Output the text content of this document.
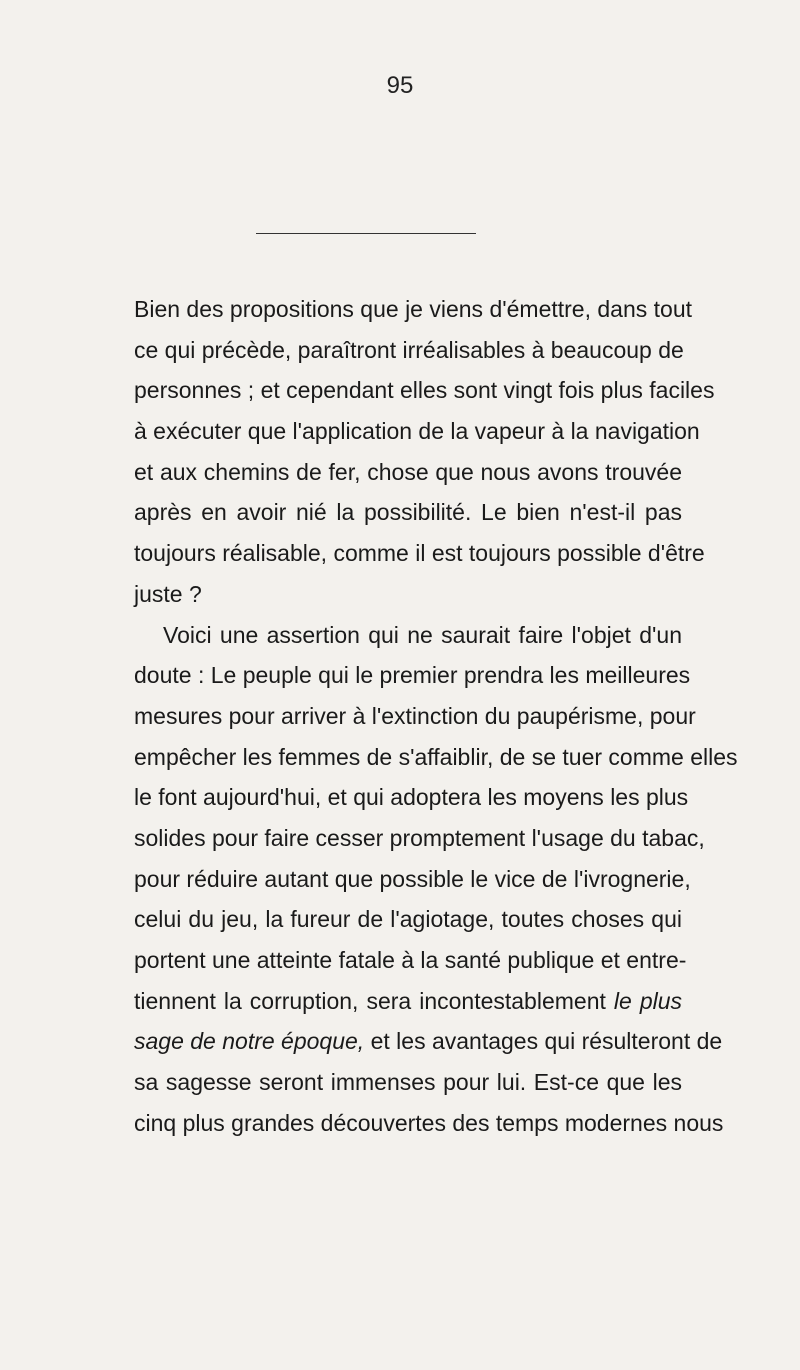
95
Bien des propositions que je viens d'émettre, dans tout
ce qui précède, paraîtront irréalisables à beaucoup de
personnes ; et cependant elles sont vingt fois plus faciles
à exécuter que l'application de la vapeur à la navigation
et aux chemins de fer, chose que nous avons trouvée
après en avoir nié la possibilité. Le bien n'est-il pas
toujours réalisable, comme il est toujours possible d'être
juste ?
Voici une assertion qui ne saurait faire l'objet d'un
doute : Le peuple qui le premier prendra les meilleures
mesures pour arriver à l'extinction du paupérisme, pour
empêcher les femmes de s'affaiblir, de se tuer comme elles
le font aujourd'hui, et qui adoptera les moyens les plus
solides pour faire cesser promptement l'usage du tabac,
pour réduire autant que possible le vice de l'ivrognerie,
celui du jeu, la fureur de l'agiotage, toutes choses qui
portent une atteinte fatale à la santé publique et entre-
tiennent la corruption, sera incontestablement le plus
sage de notre époque, et les avantages qui résulteront de
sa sagesse seront immenses pour lui. Est-ce que les
cinq plus grandes découvertes des temps modernes nous
